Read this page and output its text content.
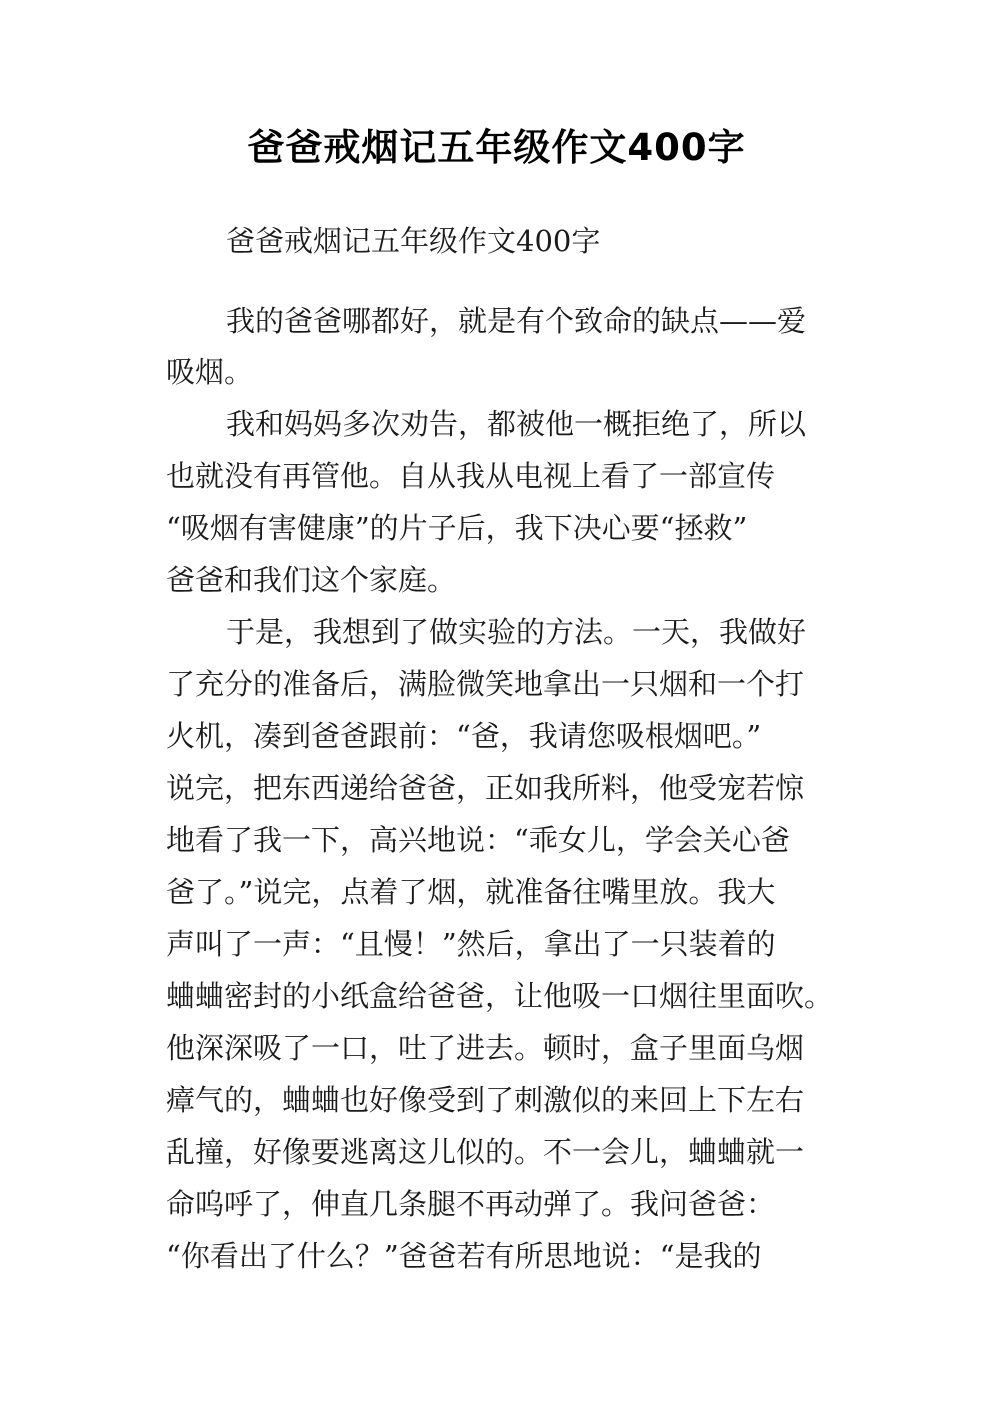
爸爸戒烟记五年级作文400字

爸爸戒烟记五年级作文400字

我的爸爸哪都好，就是有个致命的缺点——爱

吸烟。

我和妈妈多次劝告，都被他一概拒绝了，所以

也就没有再管他。自从我从电视上看了一部宣传

“吸烟有害健康”的片子后，我下决心要“拯救”

爸爸和我们这个家庭。

于是，我想到了做实验的方法。一天，我做好

了充分的准备后，满脸微笑地拿出一只烟和一个打

火机，凑到爸爸跟前：“爸，我请您吸根烟吧。”

说完，把东西递给爸爸，正如我所料，他受宠若惊

地看了我一下，高兴地说：“乖女儿，学会关心爸

爸了。”说完，点着了烟，就准备往嘴里放。我大

声叫了一声：“且慢！”然后，拿出了一只装着的

蛐蛐密封的小纸盒给爸爸，让他吸一口烟往里面吹。

他深深吸了一口，吐了进去。顿时，盒子里面乌烟

瘴气的，蛐蛐也好像受到了刺激似的来回上下左右

乱撞，好像要逃离这儿似的。不一会儿，蛐蛐就一

命呜呼了，伸直几条腿不再动弹了。我问爸爸：

“你看出了什么？”爸爸若有所思地说：“是我的
